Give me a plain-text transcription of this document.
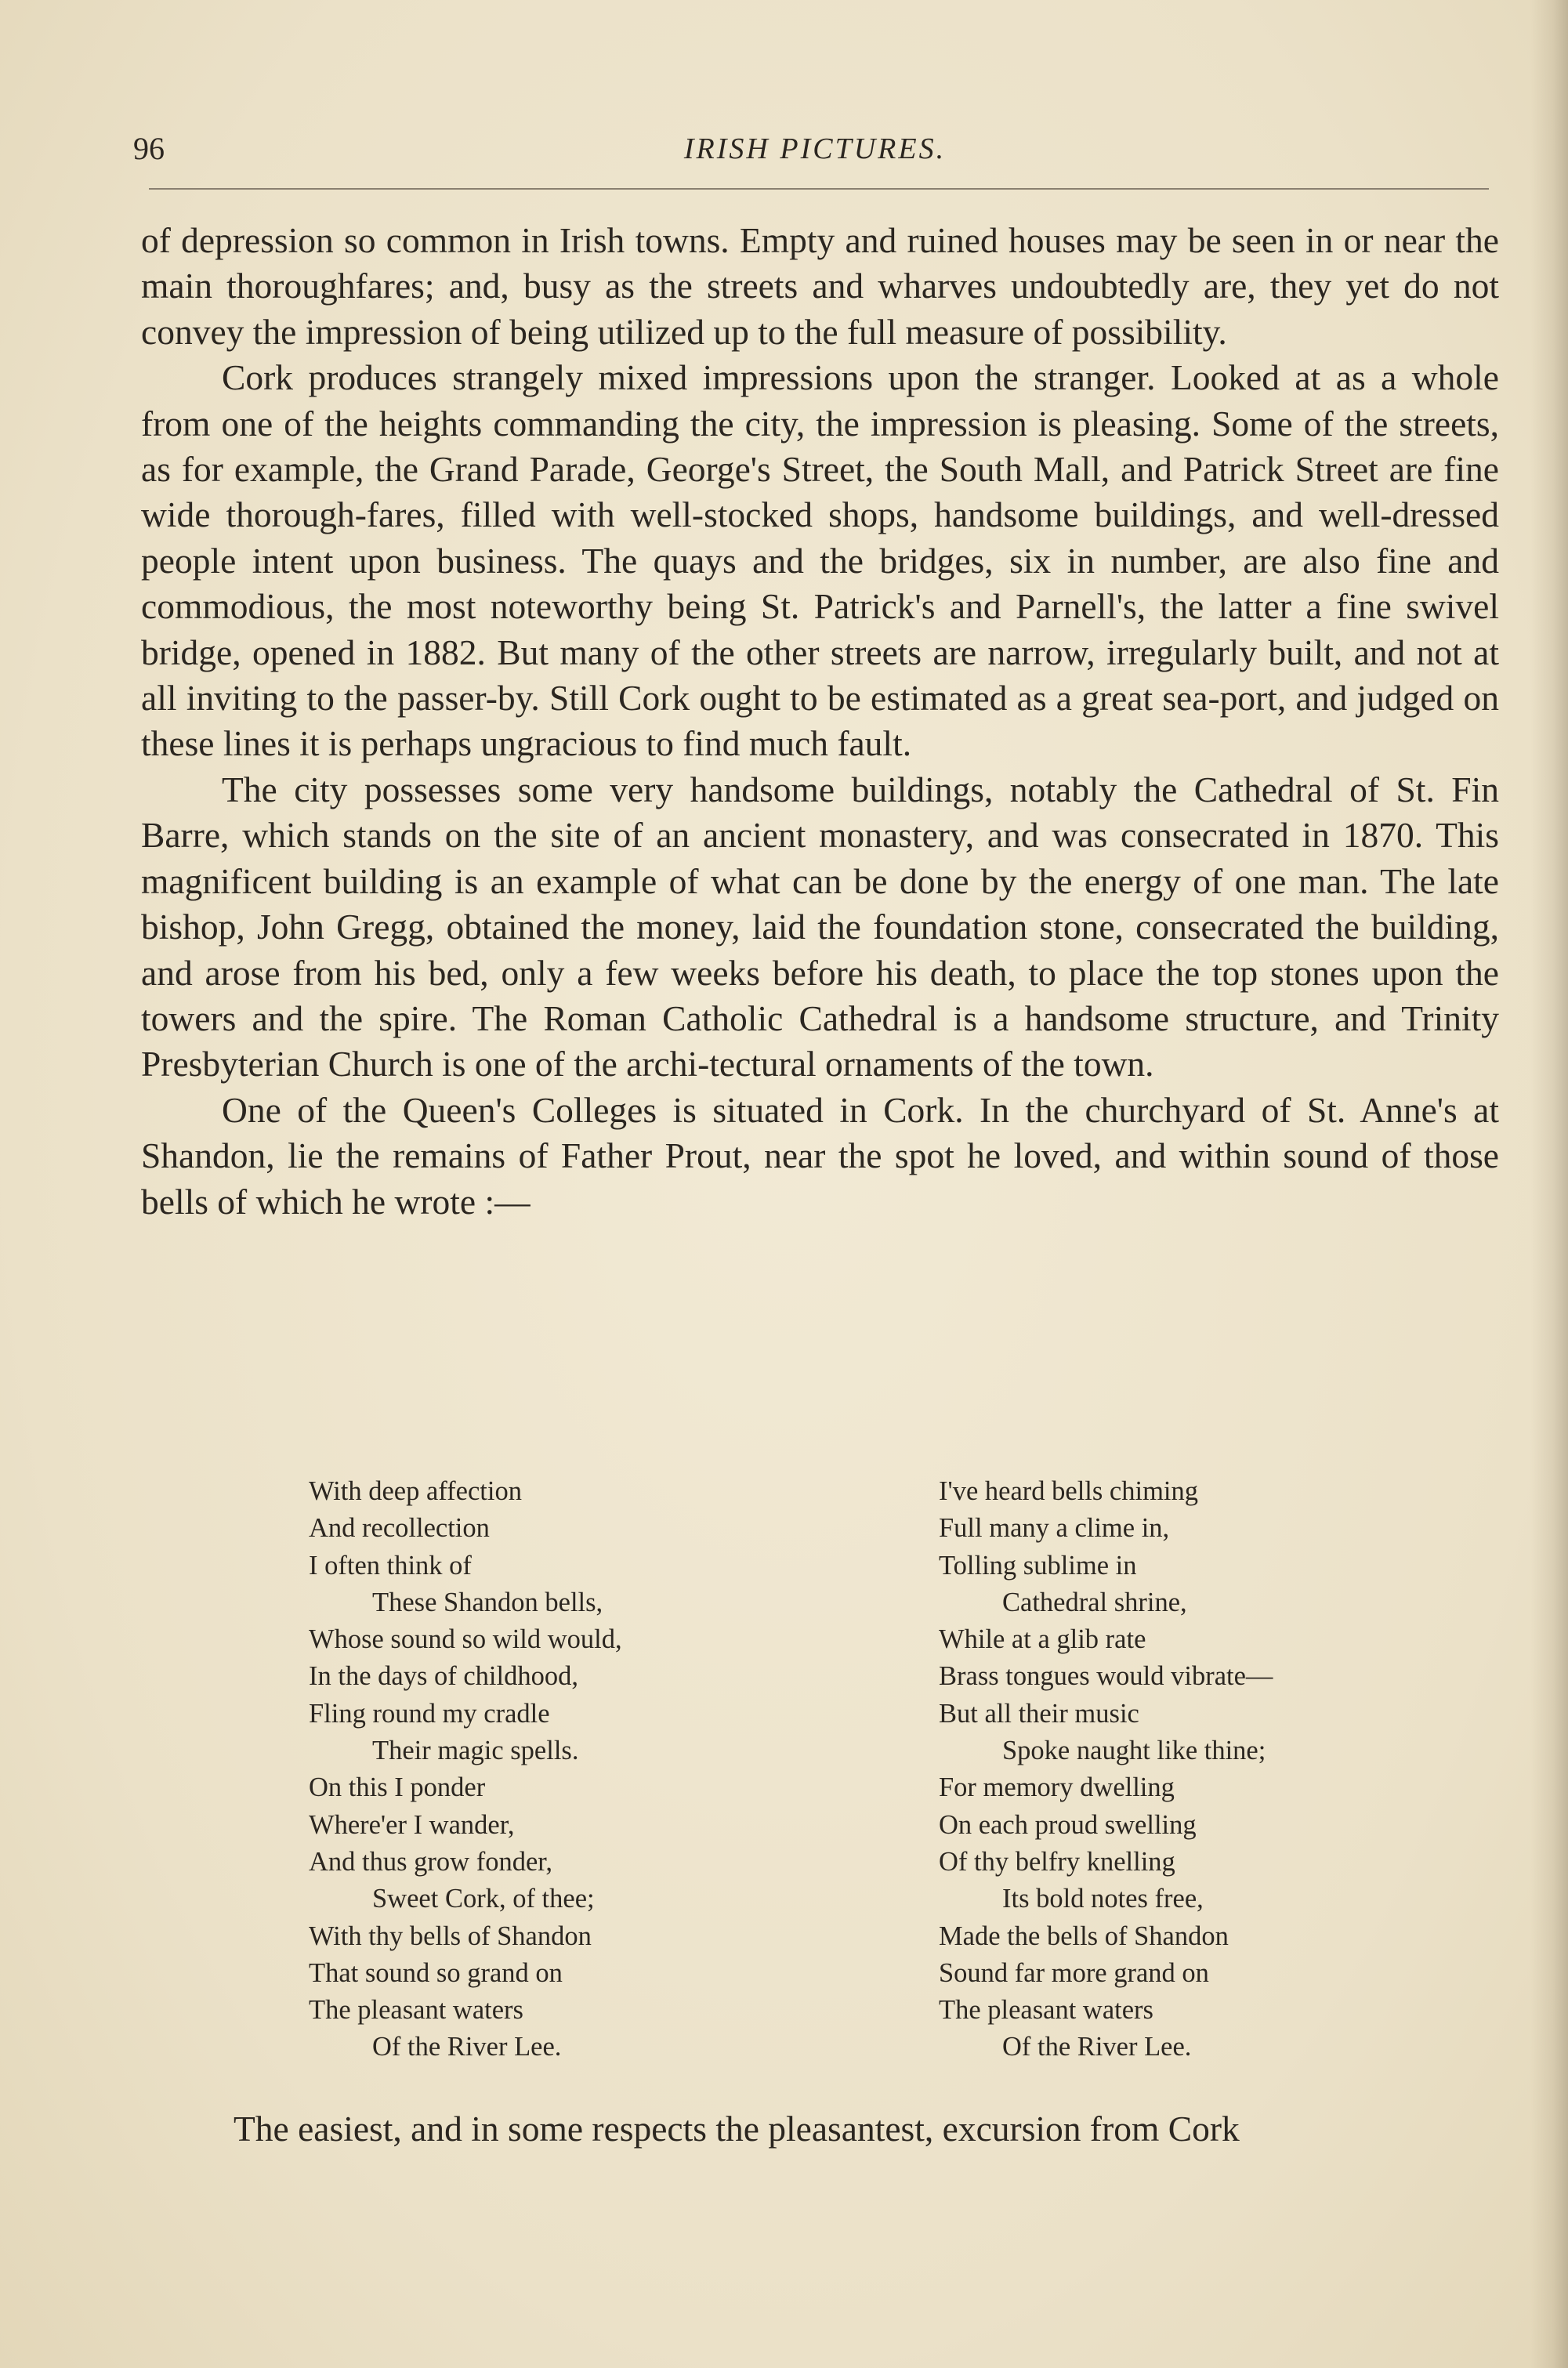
96	IRISH PICTURES.

of depression so common in Irish towns. Empty and ruined houses may be seen in or near the main thoroughfares; and, busy as the streets and wharves undoubtedly are, they yet do not convey the impression of being utilized up to the full measure of possibility.

Cork produces strangely mixed impressions upon the stranger. Looked at as a whole from one of the heights commanding the city, the impression is pleasing. Some of the streets, as for example, the Grand Parade, George's Street, the South Mall, and Patrick Street are fine wide thorough-fares, filled with well-stocked shops, handsome buildings, and well-dressed people intent upon business. The quays and the bridges, six in number, are also fine and commodious, the most noteworthy being St. Patrick's and Parnell's, the latter a fine swivel bridge, opened in 1882. But many of the other streets are narrow, irregularly built, and not at all inviting to the passer-by. Still Cork ought to be estimated as a great sea-port, and judged on these lines it is perhaps ungracious to find much fault.

The city possesses some very handsome buildings, notably the Cathedral of St. Fin Barre, which stands on the site of an ancient monastery, and was consecrated in 1870. This magnificent building is an example of what can be done by the energy of one man. The late bishop, John Gregg, obtained the money, laid the foundation stone, consecrated the building, and arose from his bed, only a few weeks before his death, to place the top stones upon the towers and the spire. The Roman Catholic Cathedral is a handsome structure, and Trinity Presbyterian Church is one of the archi-tectural ornaments of the town.

One of the Queen's Colleges is situated in Cork. In the churchyard of St. Anne's at Shandon, lie the remains of Father Prout, near the spot he loved, and within sound of those bells of which he wrote :—

With deep affection
And recollection
I often think of
These Shandon bells,
Whose sound so wild would,
In the days of childhood,
Fling round my cradle
Their magic spells.
On this I ponder
Where'er I wander,
And thus grow fonder,
Sweet Cork, of thee;
With thy bells of Shandon
That sound so grand on
The pleasant waters
Of the River Lee.
I've heard bells chiming
Full many a clime in,
Tolling sublime in
Cathedral shrine,
While at a glib rate
Brass tongues would vibrate—
But all their music
Spoke naught like thine;
For memory dwelling
On each proud swelling
Of thy belfry knelling
Its bold notes free,
Made the bells of Shandon
Sound far more grand on
The pleasant waters
Of the River Lee.
The easiest, and in some respects the pleasantest, excursion from Cork
